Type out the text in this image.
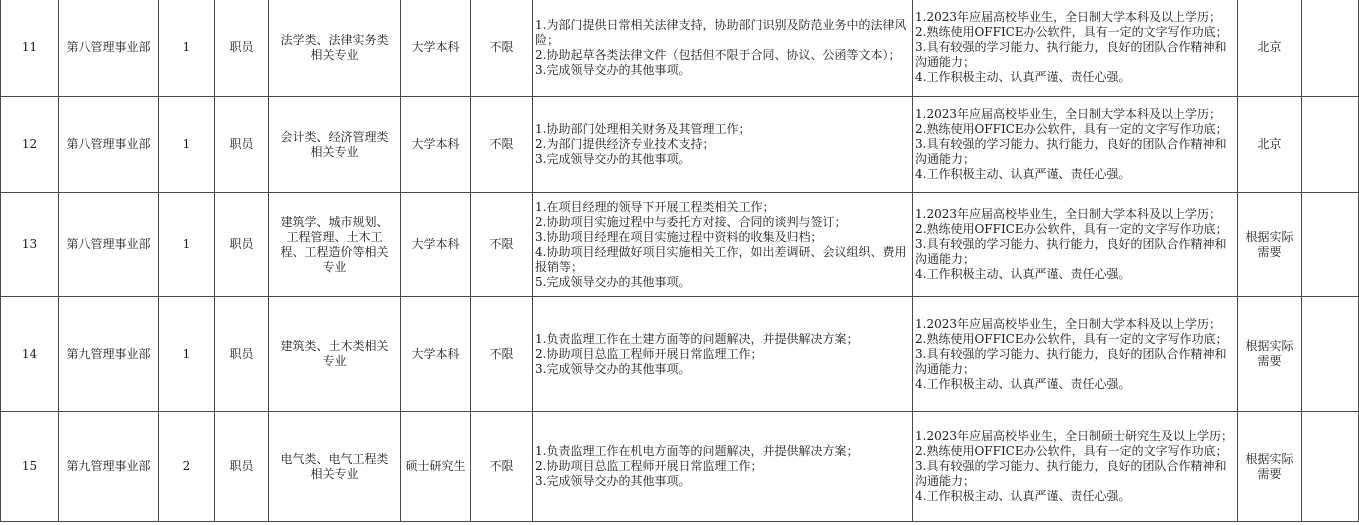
11	第八管理事业部	1	职员	法学类、法律实务类相关专业	大学本科	不限	1.为部门提供日常相关法律支持，协助部门识别及防范业务中的法律风险；
2.协助起草各类法律文件（包括但不限于合同、协议、公函等文本）；
3.完成领导交办的其他事项。	1.2023年应届高校毕业生，全日制大学本科及以上学历；
2.熟练使用OFFICE办公软件，具有一定的文字写作功底；
3.具有较强的学习能力、执行能力，良好的团队合作精神和沟通能力；
4.工作积极主动、认真严谨、责任心强。	北京	
12	第八管理事业部	1	职员	会计类、经济管理类相关专业	大学本科	不限	1.协助部门处理相关财务及其管理工作；
2.为部门提供经济专业技术支持；
3.完成领导交办的其他事项。	1.2023年应届高校毕业生，全日制大学本科及以上学历；
2.熟练使用OFFICE办公软件，具有一定的文字写作功底；
3.具有较强的学习能力、执行能力，良好的团队合作精神和沟通能力；
4.工作积极主动、认真严谨、责任心强。	北京	
13	第八管理事业部	1	职员	建筑学、城市规划、工程管理、土木工程、工程造价等相关专业	大学本科	不限	1.在项目经理的领导下开展工程类相关工作；
2.协助项目实施过程中与委托方对接、合同的谈判与签订；
3.协助项目经理在项目实施过程中资料的收集及归档；
4.协助项目经理做好项目实施相关工作，如出差调研、会议组织、费用报销等；
5.完成领导交办的其他事项。	1.2023年应届高校毕业生，全日制大学本科及以上学历；
2.熟练使用OFFICE办公软件，具有一定的文字写作功底；
3.具有较强的学习能力、执行能力，良好的团队合作精神和沟通能力；
4.工作积极主动、认真严谨、责任心强。	根据实际需要	
14	第九管理事业部	1	职员	建筑类、土木类相关专业	大学本科	不限	1.负责监理工作在土建方面等的问题解决，并提供解决方案；
2.协助项目总监工程师开展日常监理工作；
3.完成领导交办的其他事项。	1.2023年应届高校毕业生，全日制大学本科及以上学历；
2.熟练使用OFFICE办公软件，具有一定的文字写作功底；
3.具有较强的学习能力、执行能力，良好的团队合作精神和沟通能力；
4.工作积极主动、认真严谨、责任心强。	根据实际需要	
15	第九管理事业部	2	职员	电气类、电气工程类相关专业	硕士研究生	不限	1.负责监理工作在机电方面等的问题解决，并提供解决方案；
2.协助项目总监工程师开展日常监理工作；
3.完成领导交办的其他事项。	1.2023年应届高校毕业生，全日制硕士研究生及以上学历；
2.熟练使用OFFICE办公软件，具有一定的文字写作功底；
3.具有较强的学习能力、执行能力，良好的团队合作精神和沟通能力；
4.工作积极主动、认真严谨、责任心强。	根据实际需要	
